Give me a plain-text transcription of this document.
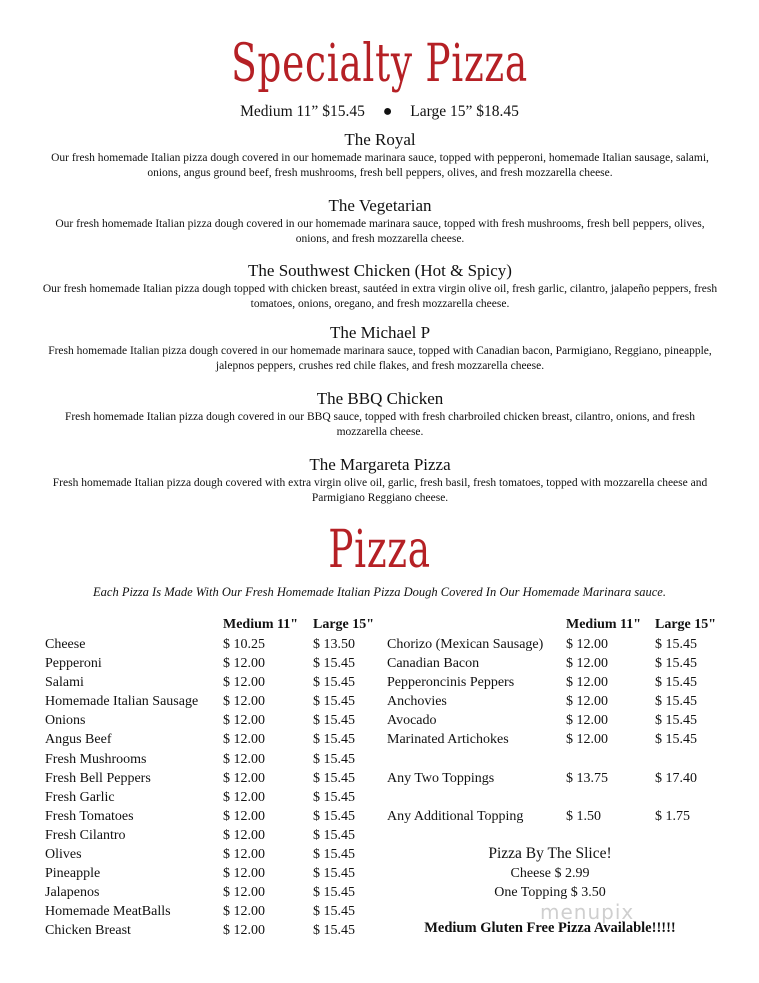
Specialty Pizza
Medium 11” $15.45 ● Large 15” $18.45
The Royal

Our fresh homemade Italian pizza dough covered in our homemade marinara sauce, topped with pepperoni, homemade Italian sausage, salami, onions, angus ground beef, fresh mushrooms, fresh bell peppers, olives, and fresh mozzarella cheese.

The Vegetarian

Our fresh homemade Italian pizza dough covered in our homemade marinara sauce, topped with fresh mushrooms, fresh bell peppers, olives, onions, and fresh mozzarella cheese.

The Southwest Chicken (Hot & Spicy)

Our fresh homemade Italian pizza dough topped with chicken breast, sautéed in extra virgin olive oil, fresh garlic, cilantro, jalapeño peppers, fresh tomatoes, onions, oregano, and fresh mozzarella cheese.

The Michael P

Fresh homemade Italian pizza dough covered in our homemade marinara sauce, topped with Canadian bacon, Parmigiano, Reggiano, pineapple, jalepnos peppers, crushes red chile flakes, and fresh mozzarella cheese.

The BBQ Chicken

Fresh homemade Italian pizza dough covered in our BBQ sauce, topped with fresh charbroiled chicken breast, cilantro, onions, and fresh mozzarella cheese.

The Margareta Pizza

Fresh homemade Italian pizza dough covered with extra virgin olive oil, garlic, fresh basil, fresh tomatoes, topped with mozzarella cheese and Parmigiano Reggiano cheese.

Pizza
Each Pizza Is Made With Our Fresh Homemade Italian Pizza Dough Covered In Our Homemade Marinara sauce.
Medium 11" Large 15"	Medium 11" Large 15"
Cheese	$ 10.25	$ 13.50
Pepperoni	$ 12.00	$ 15.45
Salami	$ 12.00	$ 15.45
Homemade Italian Sausage $ 12.00	$ 15.45
Onions	$ 12.00	$ 15.45
Angus Beef	$ 12.00	$ 15.45
Fresh Mushrooms	$ 12.00	$ 15.45
Fresh Bell Peppers	$ 12.00	$ 15.45
Fresh Garlic	$ 12.00	$ 15.45
Fresh Tomatoes	$ 12.00	$ 15.45
Fresh Cilantro	$ 12.00	$ 15.45
Olives	$ 12.00	$ 15.45
Pineapple	$ 12.00	$ 15.45
Jalapenos	$ 12.00	$ 15.45
Homemade MeatBalls	$ 12.00	$ 15.45
Chicken Breast	$ 12.00	$ 15.45
Chorizo (Mexican Sausage) $ 12.00	$ 15.45
Canadian Bacon	$ 12.00	$ 15.45
Pepperoncinis Peppers	$ 12.00	$ 15.45
Anchovies	$ 12.00	$ 15.45
Avocado	$ 12.00	$ 15.45
Marinated Artichokes	$ 12.00	$ 15.45
Any Two Toppings	$ 13.75	$ 17.40
Any Additional Topping	$ 1.50	$ 1.75
Pizza By The Slice!
Cheese $ 2.99
One Topping $ 3.50
menupix
Medium Gluten Free Pizza Available!!!!!
